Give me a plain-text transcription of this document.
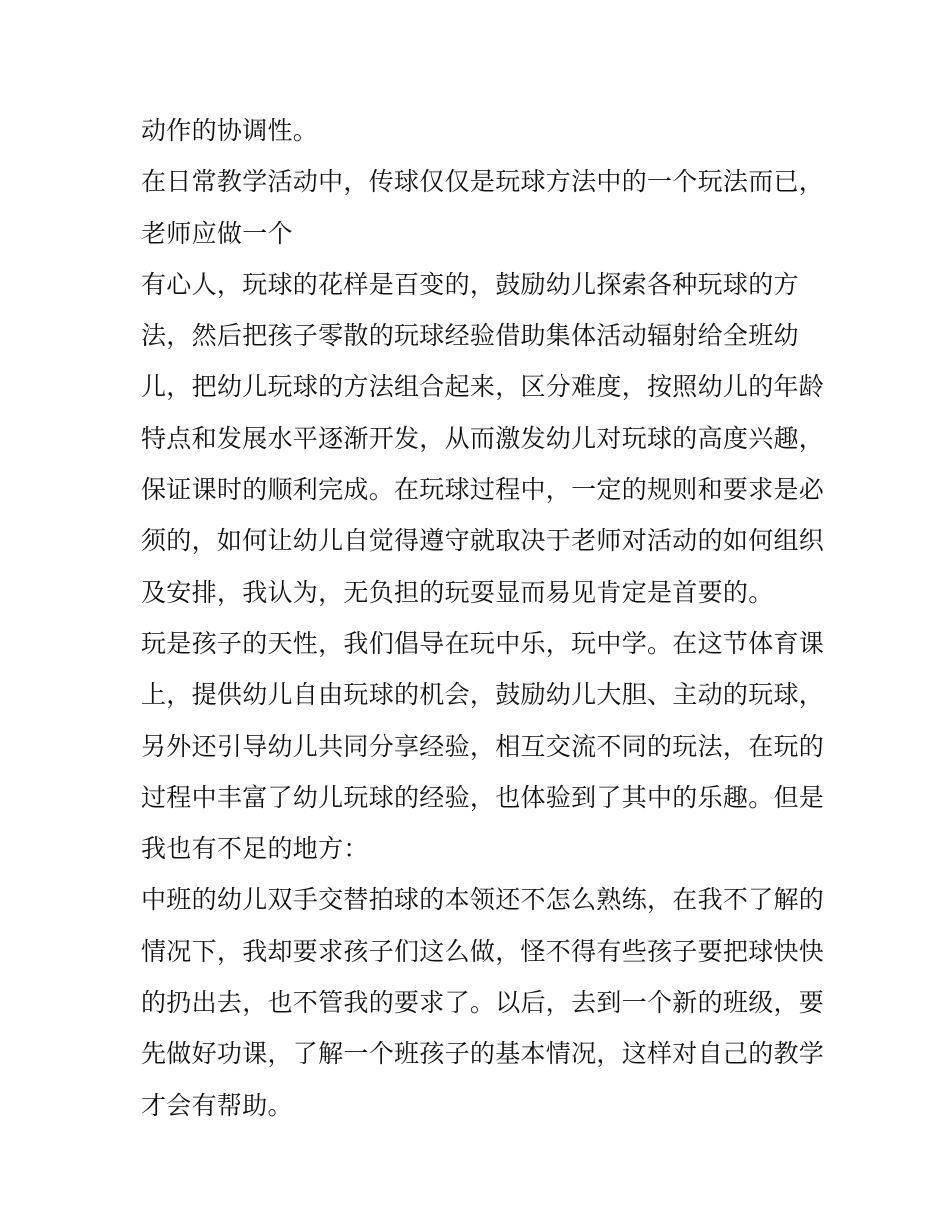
动作的协调性。
在日常教学活动中，传球仅仅是玩球方法中的一个玩法而已，
老师应做一个
有心人，玩球的花样是百变的，鼓励幼儿探索各种玩球的方
法，然后把孩子零散的玩球经验借助集体活动辐射给全班幼
儿，把幼儿玩球的方法组合起来，区分难度，按照幼儿的年龄
特点和发展水平逐渐开发，从而激发幼儿对玩球的高度兴趣，
保证课时的顺利完成。在玩球过程中，一定的规则和要求是必
须的，如何让幼儿自觉得遵守就取决于老师对活动的如何组织
及安排，我认为，无负担的玩耍显而易见肯定是首要的。
玩是孩子的天性，我们倡导在玩中乐，玩中学。在这节体育课
上，提供幼儿自由玩球的机会，鼓励幼儿大胆、主动的玩球，
另外还引导幼儿共同分享经验，相互交流不同的玩法，在玩的
过程中丰富了幼儿玩球的经验，也体验到了其中的乐趣。但是
我也有不足的地方：
中班的幼儿双手交替拍球的本领还不怎么熟练，在我不了解的
情况下，我却要求孩子们这么做，怪不得有些孩子要把球快快
的扔出去，也不管我的要求了。以后，去到一个新的班级，要
先做好功课，了解一个班孩子的基本情况，这样对自己的教学
才会有帮助。
